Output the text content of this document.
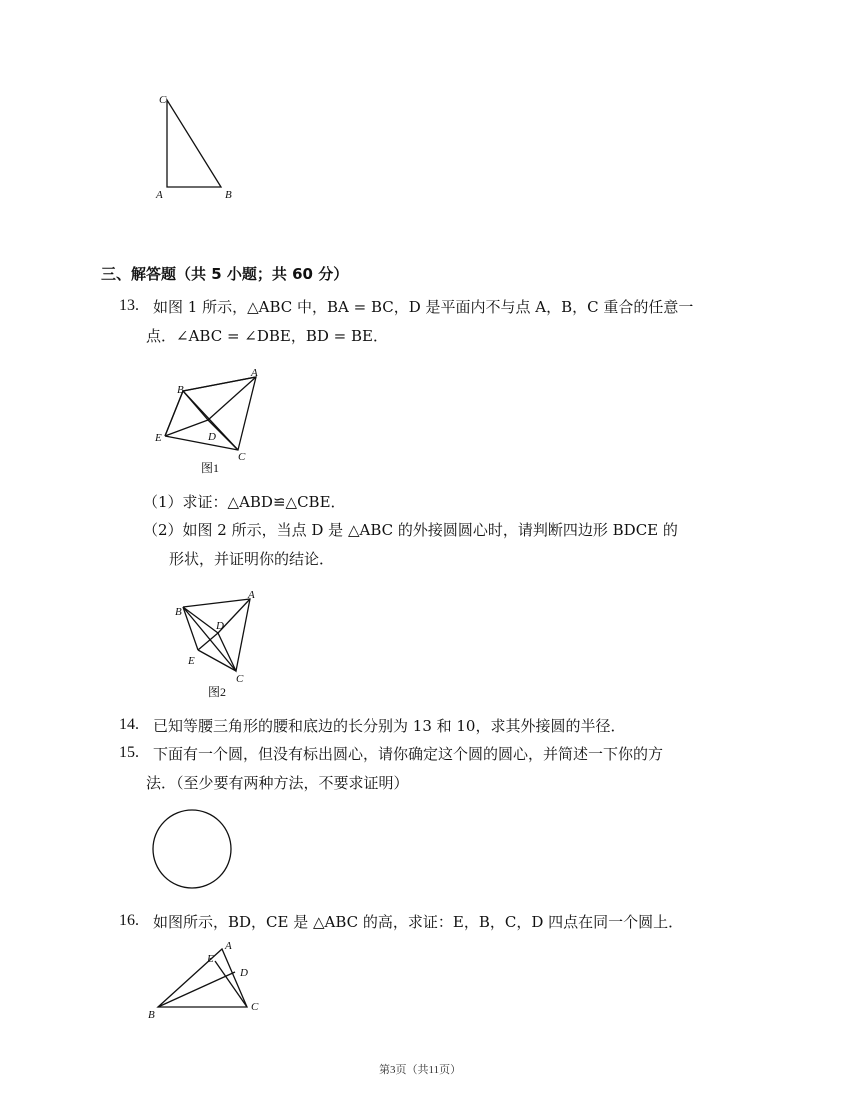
C
A	B
三、解答题（共 5 小题；共 60 分）
13. 如图 1 所示，△ABC 中，BA = BC，D 是平面内不与点 A，B，C 重合的任意一
点．∠ABC = ∠DBE，BD = BE．
A
B
D
E
C
图1
（1）求证：△ABD≌△CBE．
（2）如图 2 所示，当点 D 是 △ABC 的外接圆圆心时，请判断四边形 BDCE 的
形状，并证明你的结论．
A
B
D
E
C
图2
14. 已知等腰三角形的腰和底边的长分别为 13 和 10，求其外接圆的半径．
15. 下面有一个圆，但没有标出圆心，请你确定这个圆的圆心，并简述一下你的方
法．（至少要有两种方法，不要求证明）
16. 如图所示，BD，CE 是 △ABC 的高，求证：E，B，C，D 四点在同一个圆上．
A
E
D
B
C
第3页（共11页）
